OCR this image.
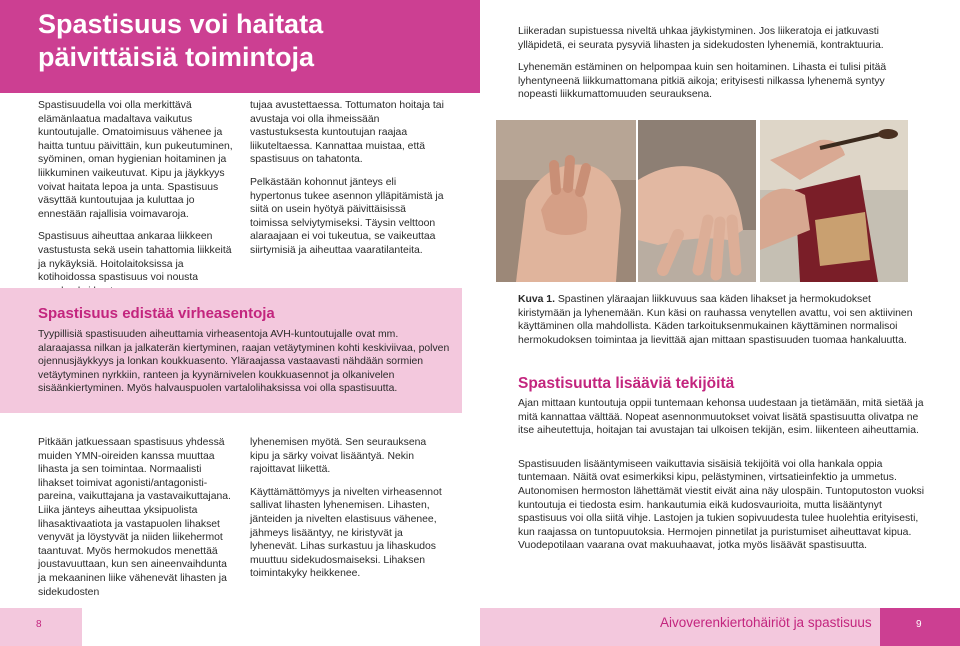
Spastisuus voi haitata
päivittäisiä toimintoja

Spastisuudella voi olla merkittävä elämänlaatua madaltava vaikutus kuntoutujalle. Omatoimisuus vähenee ja haitta tuntuu päivittäin, kun pukeutuminen, syöminen, oman hygienian hoitaminen ja liikkuminen vaikeutuvat. Kipu ja jäykkyys voivat haitata lepoa ja unta. Spastisuus väsyttää kuntoutujaa ja kuluttaa jo ennestään rajallisia voimavaroja.

Spastisuus aiheuttaa ankaraa liikkeen vastustusta sekä usein tahattomia liikkeitä ja nykäyksiä. Hoitolaitoksissa ja kotihoidossa spastisuus voi nousta

tujaa avustettaessa. Tottumaton hoitaja tai avustaja voi olla ihmeissään vastustuksesta kuntoutujan raajaa liikuteltaessa. Kannattaa muistaa, että spastisuus on tahatonta.

Pelkästään kohonnut jänteys eli hypertonus tukee asennon ylläpitämistä ja siitä on usein hyötyä päivittäisissä toimissa selviytymiseksi. Täysin velttoon alaraajaan ei voi tukeutua, se vaikeuttaa siirtymisiä ja aiheuttaa vaaratilanteita.

Spastisuus edistää virheasentoja

Tyypillisiä spastisuuden aiheuttamia virheasentoja AVH-kuntoutujalle ovat mm. alaraajassa nilkan ja jalkaterän kiertyminen, raajan vetäytyminen kohti keskiviivaa, polven ojennusjäykkyys ja lonkan koukkuasento. Yläraajassa vastaavasti nähdään sormien vetäytyminen nyrkkiin, ranteen ja kyynärnivelen koukkuasennot ja olkanivelen sisäänkiertyminen. Myös halvauspuolen vartalolihaksissa voi olla spastisuutta.

Pitkään jatkuessaan spastisuus yhdessä muiden YMN-oireiden kanssa muuttaa lihasta ja sen toimintaa. Normaalisti lihakset toimivat agonisti/antagonisti-pareina, vaikuttajana ja vastavaikuttajana. Liika jänteys aiheuttaa yksipuolista lihasaktivaatiota ja vastapuolen lihakset venyvät ja löystyvät ja niiden liikehermot taantuvat. Myös hermokudos menettää joustavuuttaan, kun sen aineenvaihdunta ja mekaaninen liike vähenevät lihasten ja sidekudosten

lyhenemisen myötä. Sen seurauksena kipu ja särky voivat lisääntyä. Nekin rajoittavat liikettä.

Käyttämättömyys ja nivelten virheasennot sallivat lihasten lyhenemisen. Lihasten, jänteiden ja nivelten elastisuus vähenee, jähmeys lisääntyy, ne kiristyvät ja lyhenevät. Lihas surkastuu ja lihaskudos muuttuu sidekudosmaiseksi. Lihaksen toimintakyky heikkenee.

Liikeradan supistuessa niveltä uhkaa jäykistyminen. Jos liikeratoja ei jatkuvasti ylläpidetä, ei seurata pysyviä lihasten ja sidekudosten lyhenemiä, kontraktuuria.

Lyhenemän estäminen on helpompaa kuin sen hoitaminen. Lihasta ei tulisi pitää lyhentyneenä liikkumattomana pitkiä aikoja; erityisesti nilkassa lyhenemä syntyy nopeasti liikkumattomuuden seurauksena.

Kuva 1. Spastinen yläraajan liikkuvuus saa käden lihakset ja hermokudokset kiristymään ja lyhenemään. Kun käsi on rauhassa venytellen avattu, voi sen aktiivinen käyttäminen olla mahdollista. Käden tarkoituksenmukainen käyttäminen normalisoi hermokudoksen toimintaa ja lievittää ajan mittaan spastisuuden tuomaa hankaluutta.

Spastisuutta lisääviä tekijöitä

Ajan mittaan kuntoutuja oppii tuntemaan kehonsa uudestaan ja tietämään, mitä sietää ja mitä kannattaa välttää. Nopeat asennonmuutokset voivat lisätä spastisuutta olivatpa ne itse aiheutettuja, hoitajan tai avustajan tai ulkoisen tekijän, esim. liikenteen aiheuttamia.

Spastisuuden lisääntymiseen vaikuttavia sisäisiä tekijöitä voi olla hankala oppia tuntemaan. Näitä ovat esimerkiksi kipu, pelästyminen, virtsatieinfektio ja ummetus. Autonomisen hermoston lähettämät viestit eivät aina näy ulospäin. Tuntoputoston vuoksi kuntoutuja ei tiedosta esim. hankautumia eikä kudosvaurioita, mutta lisääntynyt spastisuus voi olla siitä vihje. Lastojen ja tukien sopivuudesta tulee huolehtia erityisesti, kun raajassa on tuntopuutoksia. Hermojen pinnetilat ja puristumiset aiheuttavat kipua. Vuodepotilaan vaarana ovat makuuhaavat, jotka myös lisäävät spastisuutta.

8	Aivoverenkiertohäiriöt ja spastisuus	9
